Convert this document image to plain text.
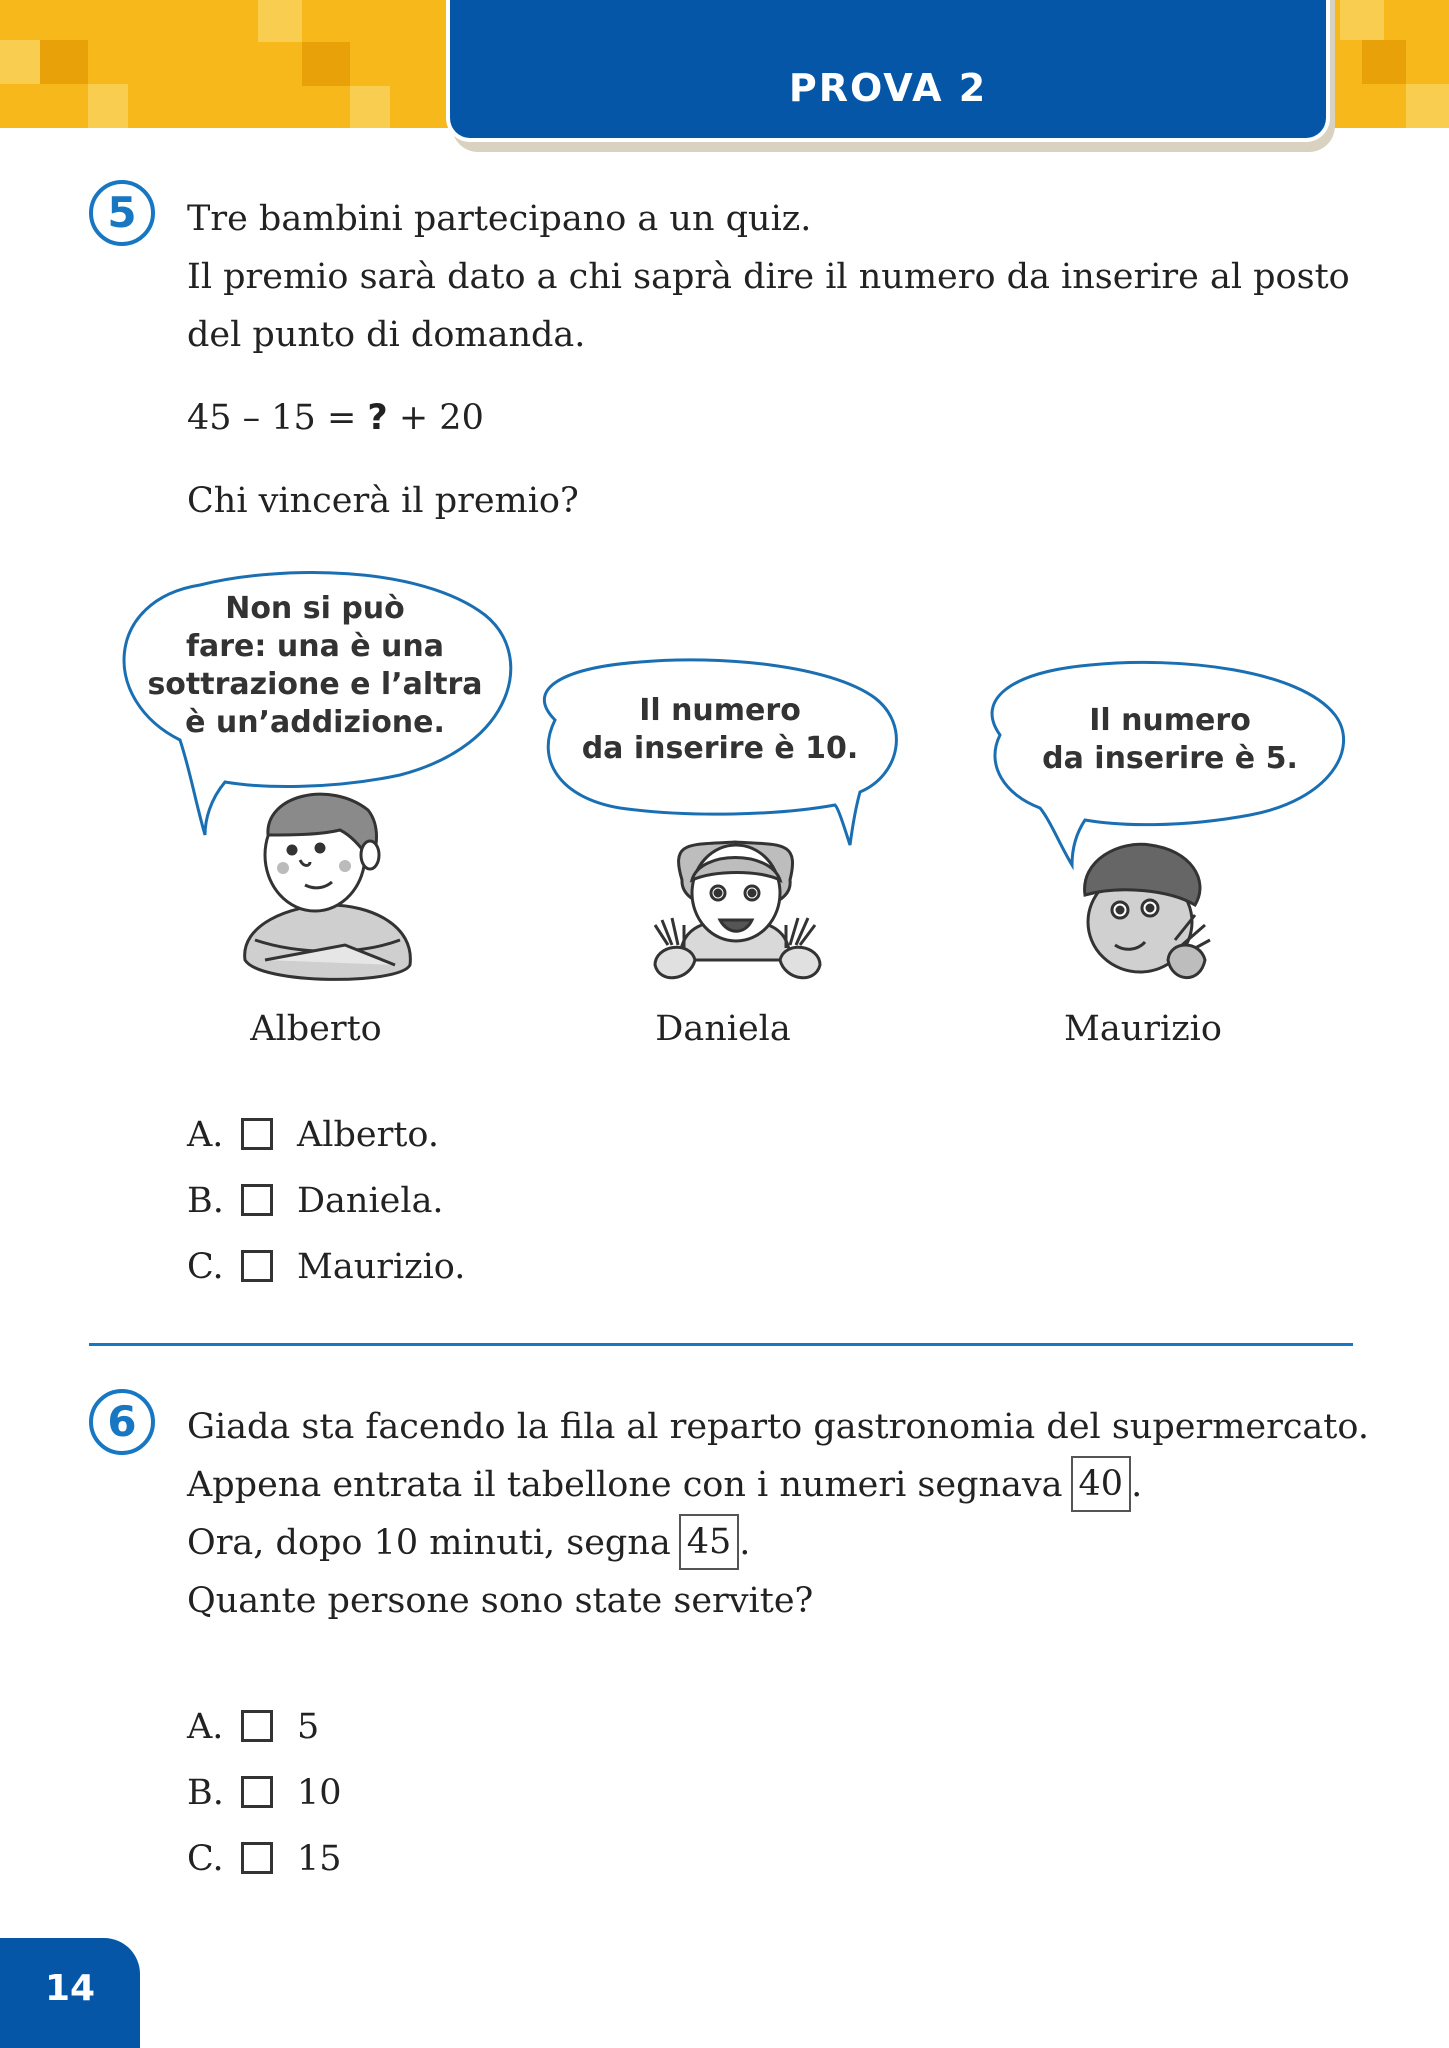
PROVA 2
5	Tre bambini partecipano a un quiz.
Il premio sarà dato a chi saprà dire il numero da inserire al posto
del punto di domanda.
45 – 15 = ? + 20
Chi vincerà il premio?
Non si può
fare: una è una
sottrazione e l’altra
è un’addizione.	Il numero
da inserire è 10.
Il numero
da inserire è 5.
Alberto	Daniela	Maurizio
A. Alberto.
B. Daniela.
C. Maurizio.
6	Giada sta facendo la fila al reparto gastronomia del supermercato.
Appena entrata il tabellone con i numeri segnava 40 .
Ora, dopo 10 minuti, segna 45 .
Quante persone sono state servite?
A. 5
B. 10
C. 15
14
